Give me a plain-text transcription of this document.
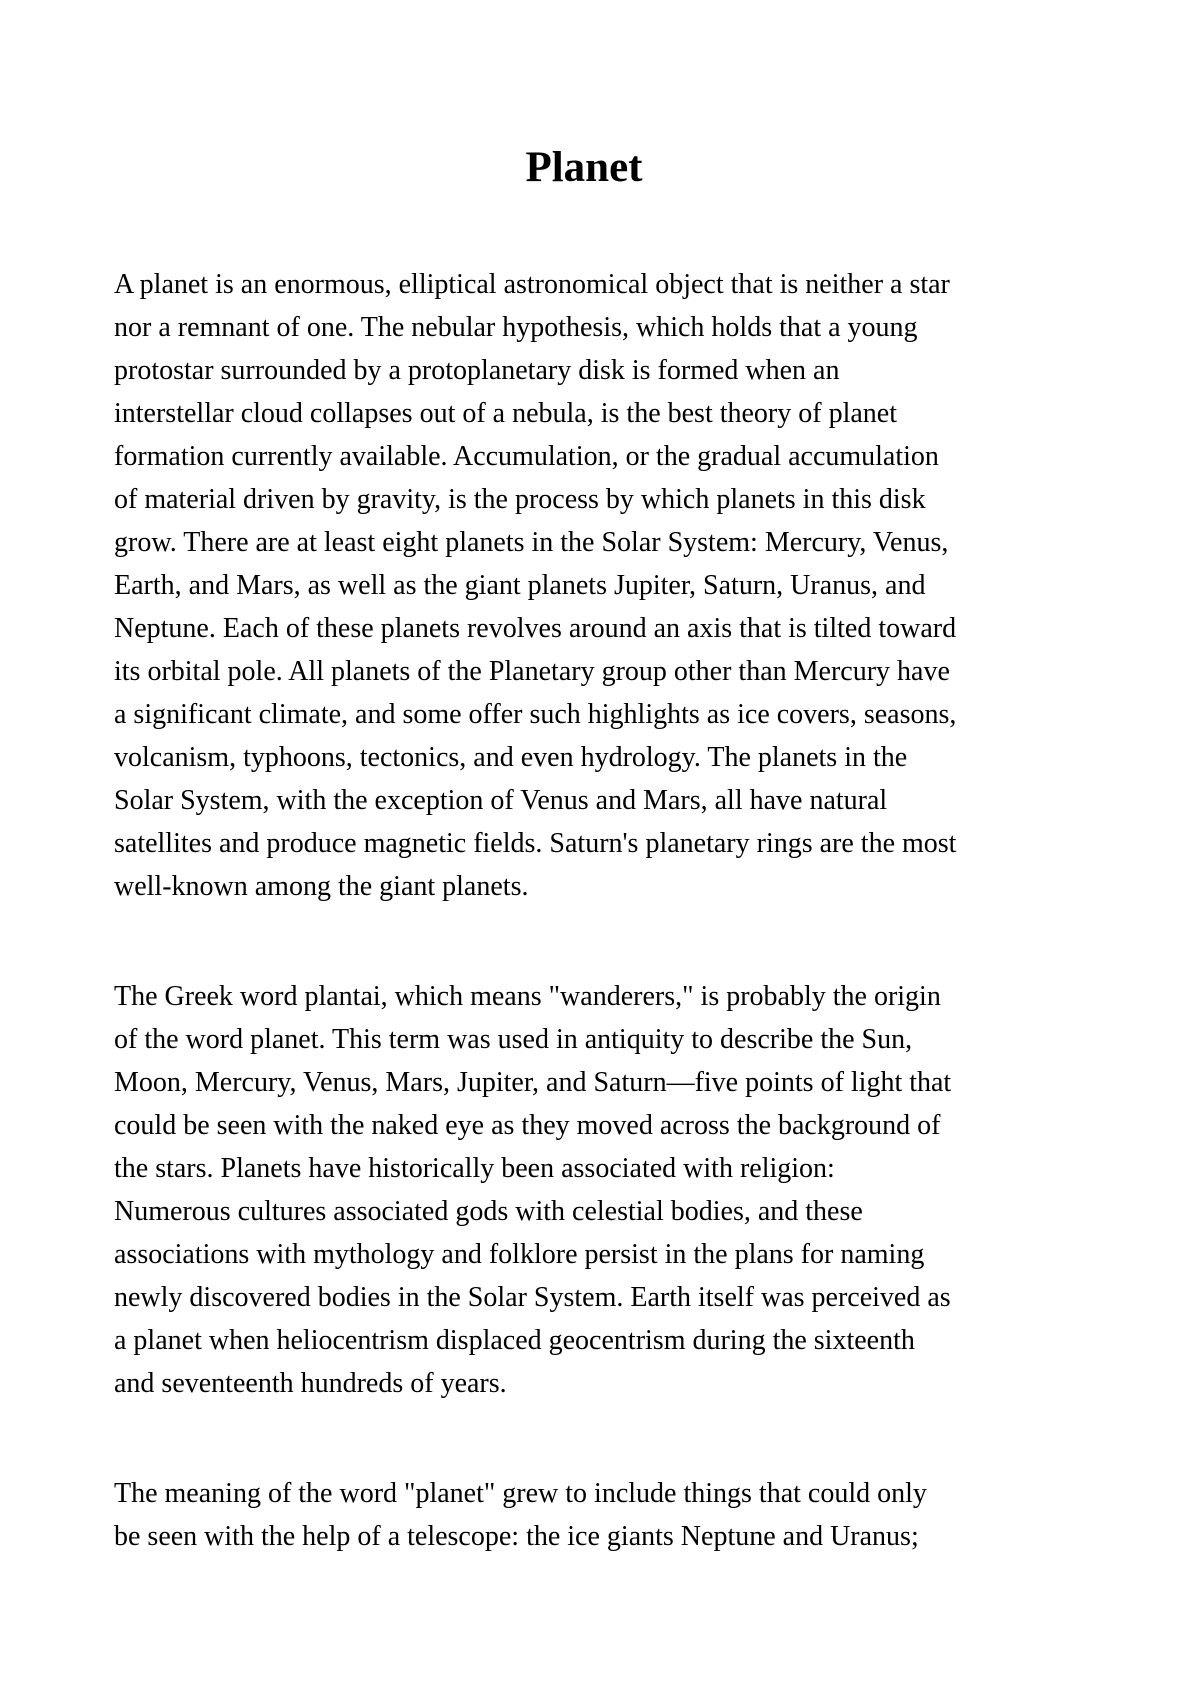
Planet

A planet is an enormous, elliptical astronomical object that is neither a star
nor a remnant of one. The nebular hypothesis, which holds that a young
protostar surrounded by a protoplanetary disk is formed when an
interstellar cloud collapses out of a nebula, is the best theory of planet
formation currently available. Accumulation, or the gradual accumulation
of material driven by gravity, is the process by which planets in this disk
grow. There are at least eight planets in the Solar System: Mercury, Venus,
Earth, and Mars, as well as the giant planets Jupiter, Saturn, Uranus, and
Neptune. Each of these planets revolves around an axis that is tilted toward
its orbital pole. All planets of the Planetary group other than Mercury have
a significant climate, and some offer such highlights as ice covers, seasons,
volcanism, typhoons, tectonics, and even hydrology. The planets in the
Solar System, with the exception of Venus and Mars, all have natural
satellites and produce magnetic fields. Saturn's planetary rings are the most
well-known among the giant planets.

The Greek word plantai, which means "wanderers," is probably the origin
of the word planet. This term was used in antiquity to describe the Sun,
Moon, Mercury, Venus, Mars, Jupiter, and Saturn—five points of light that
could be seen with the naked eye as they moved across the background of
the stars. Planets have historically been associated with religion:
Numerous cultures associated gods with celestial bodies, and these
associations with mythology and folklore persist in the plans for naming
newly discovered bodies in the Solar System. Earth itself was perceived as
a planet when heliocentrism displaced geocentrism during the sixteenth
and seventeenth hundreds of years.

The meaning of the word "planet" grew to include things that could only
be seen with the help of a telescope: the ice giants Neptune and Uranus;
